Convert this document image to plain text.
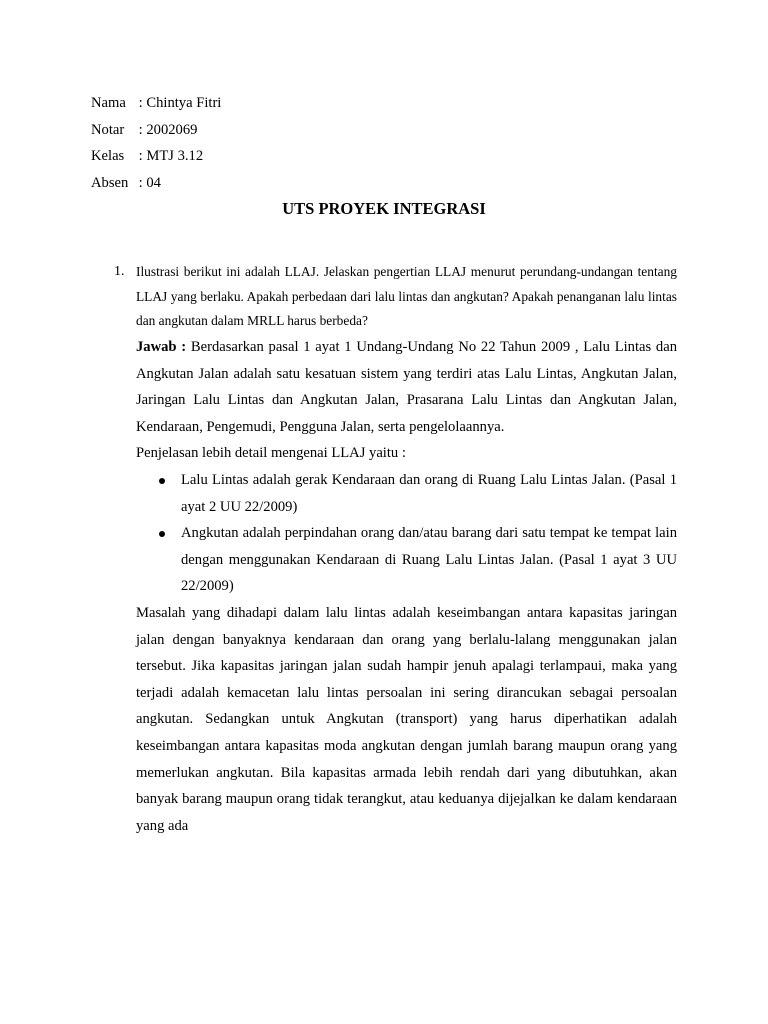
Nama : Chintya Fitri
Notar : 2002069
Kelas : MTJ 3.12
Absen : 04
UTS PROYEK INTEGRASI
1. Ilustrasi berikut ini adalah LLAJ. Jelaskan pengertian LLAJ menurut perundang-undangan tentang LLAJ yang berlaku. Apakah perbedaan dari lalu lintas dan angkutan? Apakah penanganan lalu lintas dan angkutan dalam MRLL harus berbeda?

Jawab : Berdasarkan pasal 1 ayat 1 Undang-Undang No 22 Tahun 2009 , Lalu Lintas dan Angkutan Jalan adalah satu kesatuan sistem yang terdiri atas Lalu Lintas, Angkutan Jalan, Jaringan Lalu Lintas dan Angkutan Jalan, Prasarana Lalu Lintas dan Angkutan Jalan, Kendaraan, Pengemudi, Pengguna Jalan, serta pengelolaannya.

Penjelasan lebih detail mengenai LLAJ yaitu :

Lalu Lintas adalah gerak Kendaraan dan orang di Ruang Lalu Lintas Jalan. (Pasal 1 ayat 2 UU 22/2009)
Angkutan adalah perpindahan orang dan/atau barang dari satu tempat ke tempat lain dengan menggunakan Kendaraan di Ruang Lalu Lintas Jalan. (Pasal 1 ayat 3 UU 22/2009)

Masalah yang dihadapi dalam lalu lintas adalah keseimbangan antara kapasitas jaringan jalan dengan banyaknya kendaraan dan orang yang berlalu-lalang menggunakan jalan tersebut. Jika kapasitas jaringan jalan sudah hampir jenuh apalagi terlampaui, maka yang terjadi adalah kemacetan lalu lintas persoalan ini sering dirancukan sebagai persoalan angkutan. Sedangkan untuk Angkutan (transport) yang harus diperhatikan adalah keseimbangan antara kapasitas moda angkutan dengan jumlah barang maupun orang yang memerlukan angkutan. Bila kapasitas armada lebih rendah dari yang dibutuhkan, akan banyak barang maupun orang tidak terangkut, atau keduanya dijejalkan ke dalam kendaraan yang ada
